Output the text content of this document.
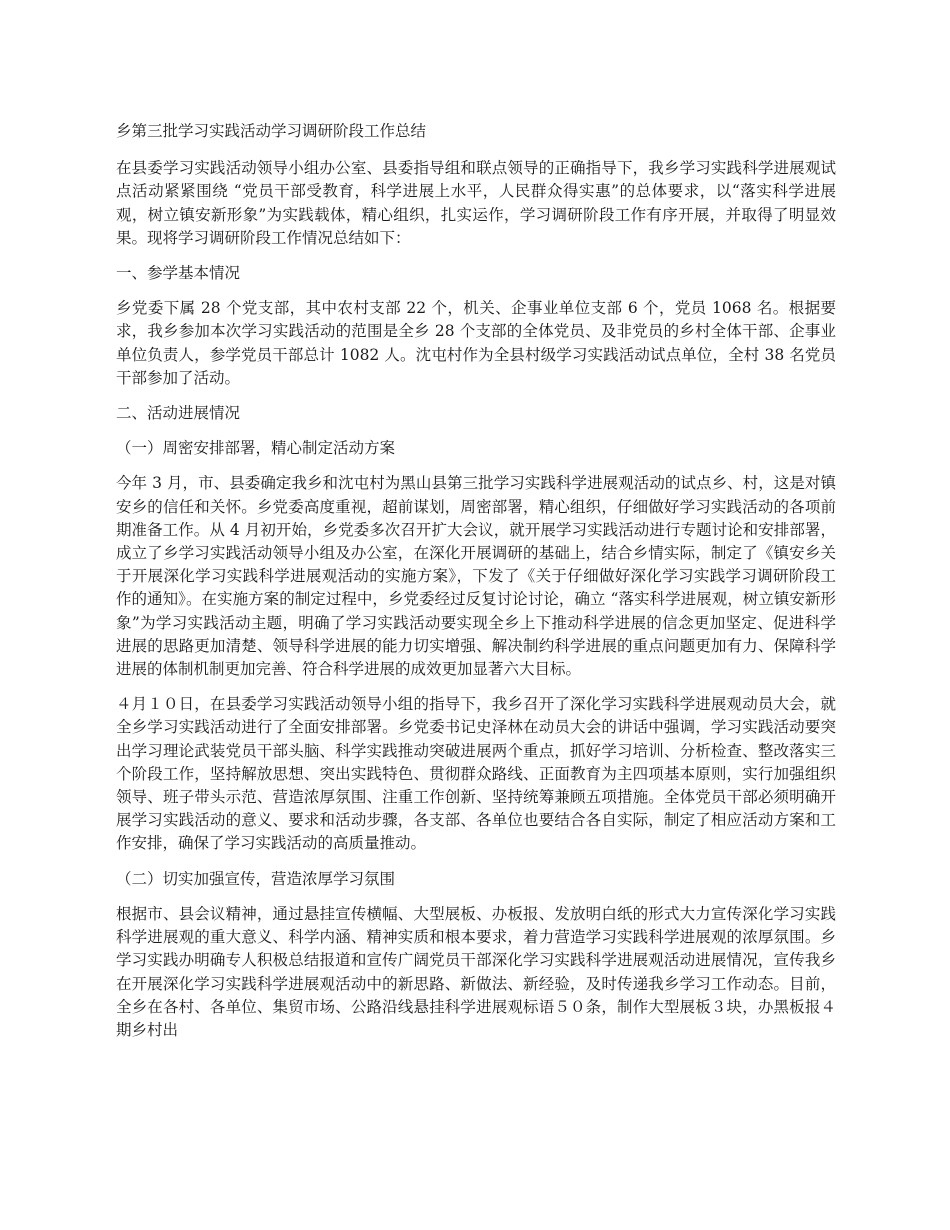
乡第三批学习实践活动学习调研阶段工作总结

在县委学习实践活动领导小组办公室、县委指导组和联点领导的正确指导下，我乡学习实践科学进展观试点活动紧紧围绕 “党员干部受教育，科学进展上水平，人民群众得实惠”的总体要求，以“落实科学进展观，树立镇安新形象”为实践载体，精心组织，扎实运作，学习调研阶段工作有序开展，并取得了明显效果。现将学习调研阶段工作情况总结如下：

一、参学基本情况

乡党委下属 28 个党支部，其中农村支部 22 个，机关、企事业单位支部 6 个，党员 1068 名。根据要求，我乡参加本次学习实践活动的范围是全乡 28 个支部的全体党员、及非党员的乡村全体干部、企事业单位负责人，参学党员干部总计 1082 人。沈屯村作为全县村级学习实践活动试点单位，全村 38 名党员干部参加了活动。

二、活动进展情况

（一）周密安排部署，精心制定活动方案

今年 3 月，市、县委确定我乡和沈屯村为黑山县第三批学习实践科学进展观活动的试点乡、村，这是对镇安乡的信任和关怀。乡党委高度重视，超前谋划，周密部署，精心组织，仔细做好学习实践活动的各项前期准备工作。从 4 月初开始，乡党委多次召开扩大会议，就开展学习实践活动进行专题讨论和安排部署，成立了乡学习实践活动领导小组及办公室，在深化开展调研的基础上，结合乡情实际，制定了《镇安乡关于开展深化学习实践科学进展观活动的实施方案》，下发了《关于仔细做好深化学习实践学习调研阶段工作的通知》。在实施方案的制定过程中，乡党委经过反复讨论讨论，确立 “落实科学进展观，树立镇安新形象”为学习实践活动主题，明确了学习实践活动要实现全乡上下推动科学进展的信念更加坚定、促进科学进展的思路更加清楚、领导科学进展的能力切实增强、解决制约科学进展的重点问题更加有力、保障科学进展的体制机制更加完善、符合科学进展的成效更加显著六大目标。

４月１０日，在县委学习实践活动领导小组的指导下，我乡召开了深化学习实践科学进展观动员大会，就全乡学习实践活动进行了全面安排部署。乡党委书记史泽林在动员大会的讲话中强调，学习实践活动要突出学习理论武装党员干部头脑、科学实践推动突破进展两个重点，抓好学习培训、分析检查、整改落实三个阶段工作，坚持解放思想、突出实践特色、贯彻群众路线、正面教育为主四项基本原则，实行加强组织领导、班子带头示范、营造浓厚氛围、注重工作创新、坚持统筹兼顾五项措施。全体党员干部必须明确开展学习实践活动的意义、要求和活动步骤，各支部、各单位也要结合各自实际，制定了相应活动方案和工作安排，确保了学习实践活动的高质量推动。

（二）切实加强宣传，营造浓厚学习氛围

根据市、县会议精神，通过悬挂宣传横幅、大型展板、办板报、发放明白纸的形式大力宣传深化学习实践科学进展观的重大意义、科学内涵、精神实质和根本要求，着力营造学习实践科学进展观的浓厚氛围。乡学习实践办明确专人积极总结报道和宣传广阔党员干部深化学习实践科学进展观活动进展情况，宣传我乡在开展深化学习实践科学进展观活动中的新思路、新做法、新经验，及时传递我乡学习工作动态。目前，全乡在各村、各单位、集贸市场、公路沿线悬挂科学进展观标语５０条，制作大型展板３块，办黑板报４期乡村出
